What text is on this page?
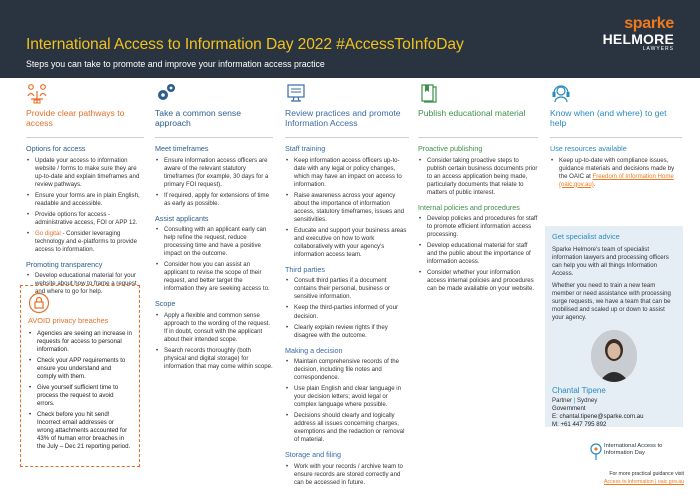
International Access to Information Day 2022 #AccessToInfoDay
Steps you can take to promote and improve your information access practice
sparke
HELMORE
LAWYERS
Provide clear pathways to access
Options for access
• Update your access to information website / forms to make sure they are up-to-date and explain timeframes and review pathways.
• Ensure your forms are in plain English, readable and accessible.
• Provide options for access - administrative access, FOI or APP 12.
• Go digital - Consider leveraging technology and e-platforms to provide access to information.
Promoting transparency
• Develop educational material for your website about how to frame a request and where to go for help.
AVOID privacy breaches
• Agencies are seeing an increase in requests for access to personal information.
• Check your APP requirements to ensure you understand and comply with them.
• Give yourself sufficient time to process the request to avoid errors.
• Check before you hit send! Incorrect email addresses or wrong attachments accounted for 43% of human error breaches in the July – Dec 21 reporting period.
Take a common sense approach
Meet timeframes
• Ensure information access officers are aware of the relevant statutory timeframes (for example, 30 days for a primary FOI request).
• If required, apply for extensions of time as early as possible.
Assist applicants
• Consulting with an applicant early can help refine the request, reduce processing time and have a positive impact on the outcome.
• Consider how you can assist an applicant to revise the scope of their request, and better target the information they are seeking access to.
Scope
• Apply a flexible and common sense approach to the wording of the request. If in doubt, consult with the applicant about their intended scope.
• Search records thoroughly (both physical and digital storage) for information that may come within scope.
Review practices and promote Information Access
Staff training
• Keep information access officers up-to-date with any legal or policy changes, which may have an impact on access to information.
• Raise awareness across your agency about the importance of information access, statutory timeframes, issues and sensitivities.
• Educate and support your business areas and executive on how to work collaboratively with your agency's information access team.
Third parties
• Consult third parties if a document contains their personal, business or sensitive information.
• Keep the third-parties informed of your decision.
• Clearly explain review rights if they disagree with the outcome.
Making a decision
• Maintain comprehensive records of the decision, including file notes and correspondence.
• Use plain English and clear language in your decision letters; avoid legal or complex language where possible.
• Decisions should clearly and logically address all issues concerning charges, exemptions and the redaction or removal of material.
Storage and filing
• Work with your records / archive team to ensure records are stored correctly and can be accessed in future.
Publish educational material
Proactive publishing
• Consider taking proactive steps to publish certain business documents prior to an access application being made, particularly documents that relate to matters of public interest.
Internal policies and procedures
• Develop policies and procedures for staff to promote efficient information access processing.
• Develop educational material for staff and the public about the importance of information access.
• Consider whether your information access internal policies and procedures can be made available on your website.
Know when (and where) to get help
Use resources available
• Keep up-to-date with compliance issues, guidance materials and decisions made by the OAIC at Freedom of Information Home (oaic.gov.au).
Get specialist advice

Sparke Helmore's team of specialist information lawyers and processing officers can help you with all things Information Access.

Whether you need to train a new team member or need assistance with processing surge requests, we have a team that can be mobilised and scaled up or down to assist your agency.

Chantal Tipene
Partner | Sydney
Government
E: chantal.tipene@sparke.com.au
M: +61 447 795 892
International Access to Information Day
For more practical guidance visit
Access to information | oaic.gov.au
